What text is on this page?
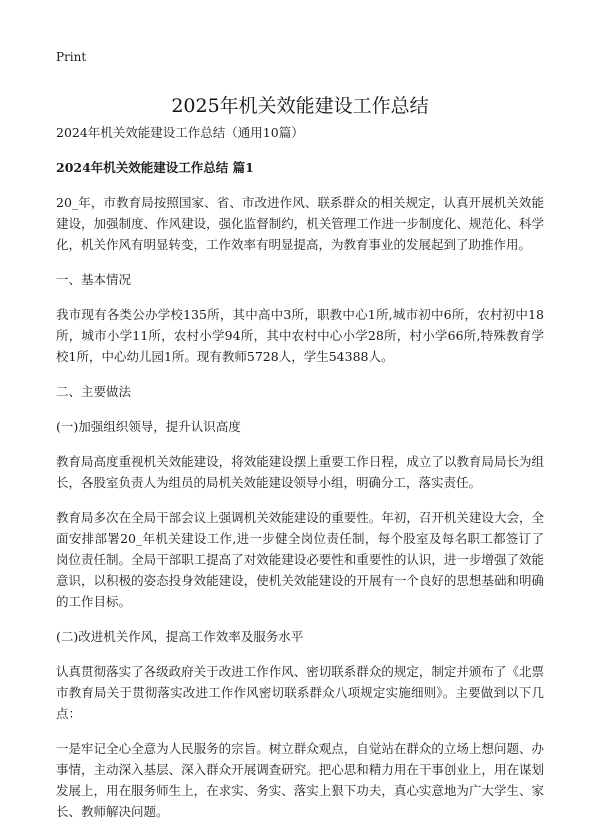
Print
2025年机关效能建设工作总结

2024年机关效能建设工作总结（通用10篇）

2024年机关效能建设工作总结 篇1

20_年，市教育局按照国家、省、市改进作风、联系群众的相关规定，认真开展机关效能建设，加强制度、作风建设，强化监督制约，机关管理工作进一步制度化、规范化、科学化，机关作风有明显转变，工作效率有明显提高，为教育事业的发展起到了助推作用。

一、基本情况

我市现有各类公办学校135所，其中高中3所，职教中心1所,城市初中6所，农村初中18所，城市小学11所，农村小学94所，其中农村中心小学28所，村小学66所,特殊教育学校1所，中心幼儿园1所。现有教师5728人，学生54388人。

二、主要做法

(一)加强组织领导，提升认识高度

教育局高度重视机关效能建设，将效能建设摆上重要工作日程，成立了以教育局局长为组长，各股室负责人为组员的局机关效能建设领导小组，明确分工，落实责任。

教育局多次在全局干部会议上强调机关效能建设的重要性。年初，召开机关建设大会，全面安排部署20_年机关建设工作,进一步健全岗位责任制，每个股室及每名职工都签订了岗位责任制。全局干部职工提高了对效能建设必要性和重要性的认识，进一步增强了效能意识，以积极的姿态投身效能建设，使机关效能建设的开展有一个良好的思想基础和明确的工作目标。

(二)改进机关作风，提高工作效率及服务水平

认真贯彻落实了各级政府关于改进工作作风、密切联系群众的规定，制定并颁布了《北票市教育局关于贯彻落实改进工作作风密切联系群众八项规定实施细则》。主要做到以下几点：

一是牢记全心全意为人民服务的宗旨。树立群众观点，自觉站在群众的立场上想问题、办事情，主动深入基层、深入群众开展调查研究。把心思和精力用在干事创业上，用在谋划发展上，用在服务师生上，在求实、务实、落实上狠下功夫，真心实意地为广大学生、家长、教师解决问题。
